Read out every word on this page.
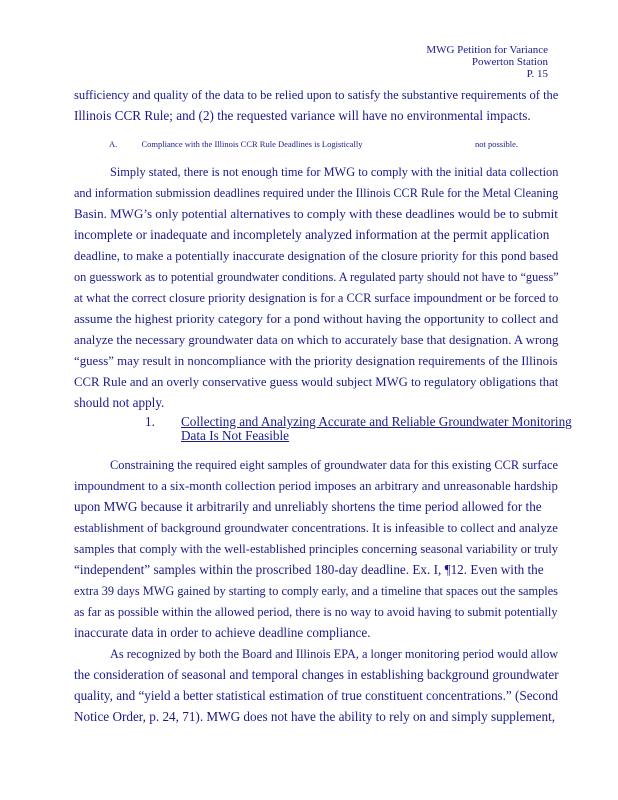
MWG Petition for Variance
Powerton Station
P. 15
sufficiency and quality of the data to be relied upon to satisfy the substantive requirements of the
Illinois CCR Rule; and (2) the requested variance will have no environmental impacts.
A.	Compliance with the Illinois CCR Rule Deadlines is Logistically	not possible.
Simply stated, there is not enough time for MWG to comply with the initial data collection
and information submission deadlines required under the Illinois CCR Rule for the Metal Cleaning
Basin. MWG’s only potential alternatives to comply with these deadlines would be to submit
incomplete or inadequate and incompletely analyzed information at the permit application
deadline, to make a potentially inaccurate designation of the closure priority for this pond based
on guesswork as to potential groundwater conditions. A regulated party should not have to “guess”
at what the correct closure priority designation is for a CCR surface impoundment or be forced to
assume the highest priority category for a pond without having the opportunity to collect and
analyze the necessary groundwater data on which to accurately base that designation. A wrong
“guess” may result in noncompliance with the priority designation requirements of the Illinois
CCR Rule and an overly conservative guess would subject MWG to regulatory obligations that
should not apply.
1. Collecting and Analyzing Accurate and Reliable Groundwater Monitoring
Data Is Not Feasible
Constraining the required eight samples of groundwater data for this existing CCR surface
impoundment to a six-month collection period imposes an arbitrary and unreasonable hardship
upon MWG because it arbitrarily and unreliably shortens the time period allowed for the
establishment of background groundwater concentrations. It is infeasible to collect and analyze
samples that comply with the well-established principles concerning seasonal variability or truly
“independent” samples within the proscribed 180-day deadline. Ex. I, ¶12. Even with the
extra 39 days MWG gained by starting to comply early, and a timeline that spaces out the samples
as far as possible within the allowed period, there is no way to avoid having to submit potentially
inaccurate data in order to achieve deadline compliance.
As recognized by both the Board and Illinois EPA, a longer monitoring period would allow
the consideration of seasonal and temporal changes in establishing background groundwater
quality, and “yield a better statistical estimation of true constituent concentrations.” (Second
Notice Order, p. 24, 71). MWG does not have the ability to rely on and simply supplement,
